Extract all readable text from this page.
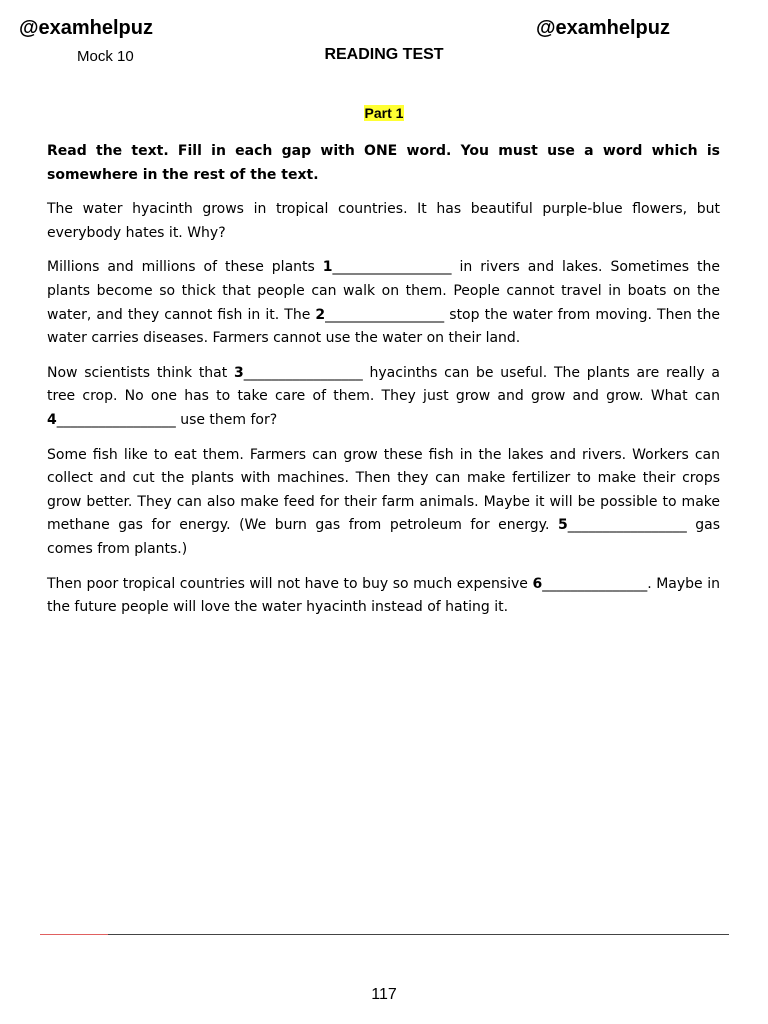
@examhelpuz	@examhelpuz
Mock 10	READING TEST
Part 1

Read the text. Fill in each gap with ONE word. You must use a word which is somewhere in the rest of the text.

The water hyacinth grows in tropical countries. It has beautiful purple-blue flowers, but everybody hates it. Why?

Millions and millions of these plants 1_________________ in rivers and lakes. Sometimes the plants become so thick that people can walk on them. People cannot travel in boats on the water, and they cannot fish in it. The 2_________________ stop the water from moving. Then the water carries diseases. Farmers cannot use the water on their land.

Now scientists think that 3_________________ hyacinths can be useful. The plants are really a tree crop. No one has to take care of them. They just grow and grow and grow. What can 4_________________ use them for?

Some fish like to eat them. Farmers can grow these fish in the lakes and rivers. Workers can collect and cut the plants with machines. Then they can make fertilizer to make their crops grow better. They can also make feed for their farm animals. Maybe it will be possible to make methane gas for energy. (We burn gas from petroleum for energy. 5_________________ gas comes from plants.)

Then poor tropical countries will not have to buy so much expensive 6_______________. Maybe in the future people will love the water hyacinth instead of hating it.

117
